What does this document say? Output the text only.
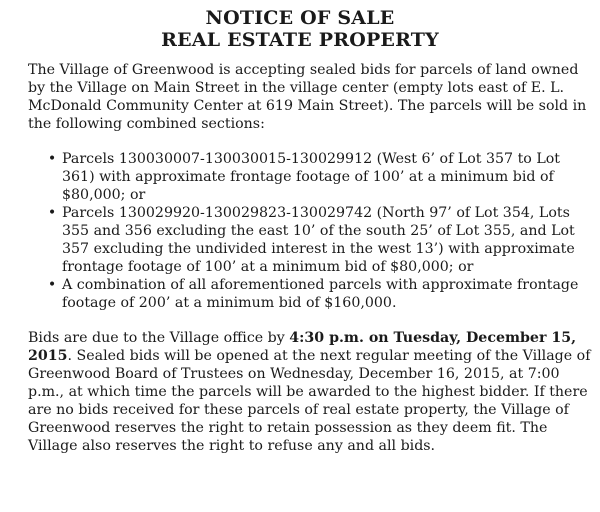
NOTICE OF SALE
REAL ESTATE PROPERTY

The Village of Greenwood is accepting sealed bids for parcels of land owned by the Village on Main Street in the village center (empty lots east of E. L. McDonald Community Center at 619 Main Street). The parcels will be sold in the following combined sections:

• Parcels 130030007-130030015-130029912 (West 6’ of Lot 357 to Lot 361) with approximate frontage footage of 100’ at a minimum bid of $80,000; or
• Parcels 130029920-130029823-130029742 (North 97’ of Lot 354, Lots 355 and 356 excluding the east 10’ of the south 25’ of Lot 355, and Lot 357 excluding the undivided interest in the west 13’) with approximate frontage footage of 100’ at a minimum bid of $80,000; or
• A combination of all aforementioned parcels with approximate frontage footage of 200’ at a minimum bid of $160,000.

Bids are due to the Village office by 4:30 p.m. on Tuesday, December 15, 2015. Sealed bids will be opened at the next regular meeting of the Village of Greenwood Board of Trustees on Wednesday, December 16, 2015, at 7:00 p.m., at which time the parcels will be awarded to the highest bidder. If there are no bids received for these parcels of real estate property, the Village of Greenwood reserves the right to retain possession as they deem fit. The Village also reserves the right to refuse any and all bids.
